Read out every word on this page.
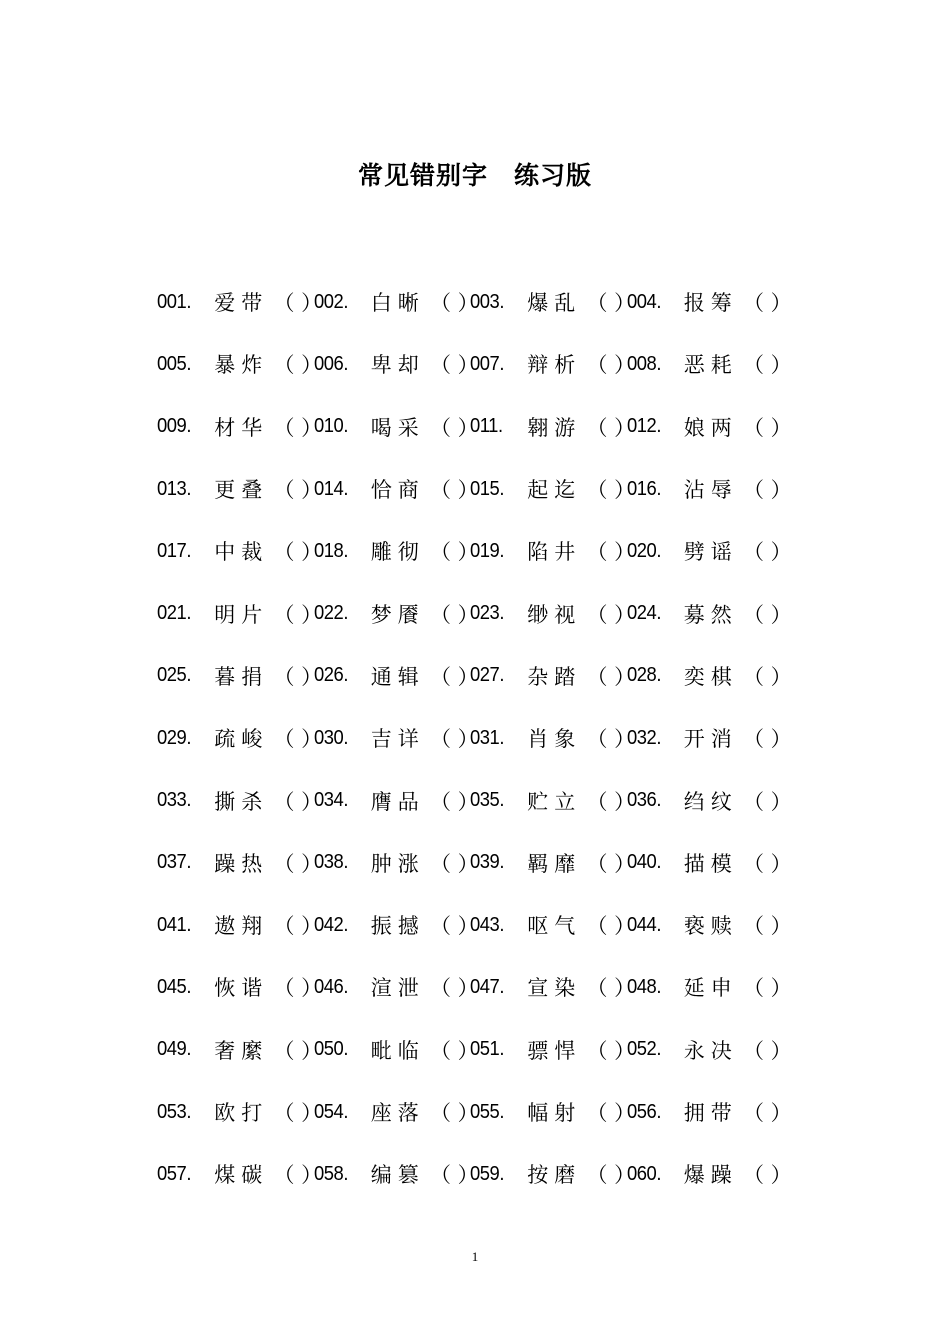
常见错别字　练习版
001.	爱带 （ ）
002.	白晰 （ ）
003.	爆乱 （ ）
004.	报筹 （ ）
005.	暴炸 （ ）
006.	卑却 （ ）
007.	辩析 （ ）
008.	恶耗 （ ）
009.	材华 （ ）
010.	喝采 （ ）
011.	翱游 （ ）
012.	娘两 （ ）
013.	更叠 （ ）
014.	恰商 （ ）
015.	起迄 （ ）
016.	沾辱 （ ）
017.	中裁 （ ）
018.	雕彻 （ ）
019.	陷井 （ ）
020.	劈谣 （ ）
021.	明片 （ ）
022.	梦餍 （ ）
023.	缈视 （ ）
024.	募然 （ ）
025.	暮捐 （ ）
026.	通辑 （ ）
027.	杂踏 （ ）
028.	奕棋 （ ）
029.	疏峻 （ ）
030.	吉详 （ ）
031.	肖象 （ ）
032.	开消 （ ）
033.	撕杀 （ ）
034.	膺品 （ ）
035.	贮立 （ ）
036.	绉纹 （ ）
037.	躁热 （ ）
038.	肿涨 （ ）
039.	羁靡 （ ）
040.	描模 （ ）
041.	遨翔 （ ）
042.	振撼 （ ）
043.	呕气 （ ）
044.	亵赎 （ ）
045.	恢谐 （ ）
046.	渲泄 （ ）
047.	宣染 （ ）
048.	延申 （ ）
049.	奢縻 （ ）
050.	毗临 （ ）
051.	骠悍 （ ）
052.	永决 （ ）
053.	欧打 （ ）
054.	座落 （ ）
055.	幅射 （ ）
056.	拥带 （ ）
057.	煤碳 （ ）
058.	编篡 （ ）
059.	按磨 （ ）
060.	爆躁 （ ）
1
